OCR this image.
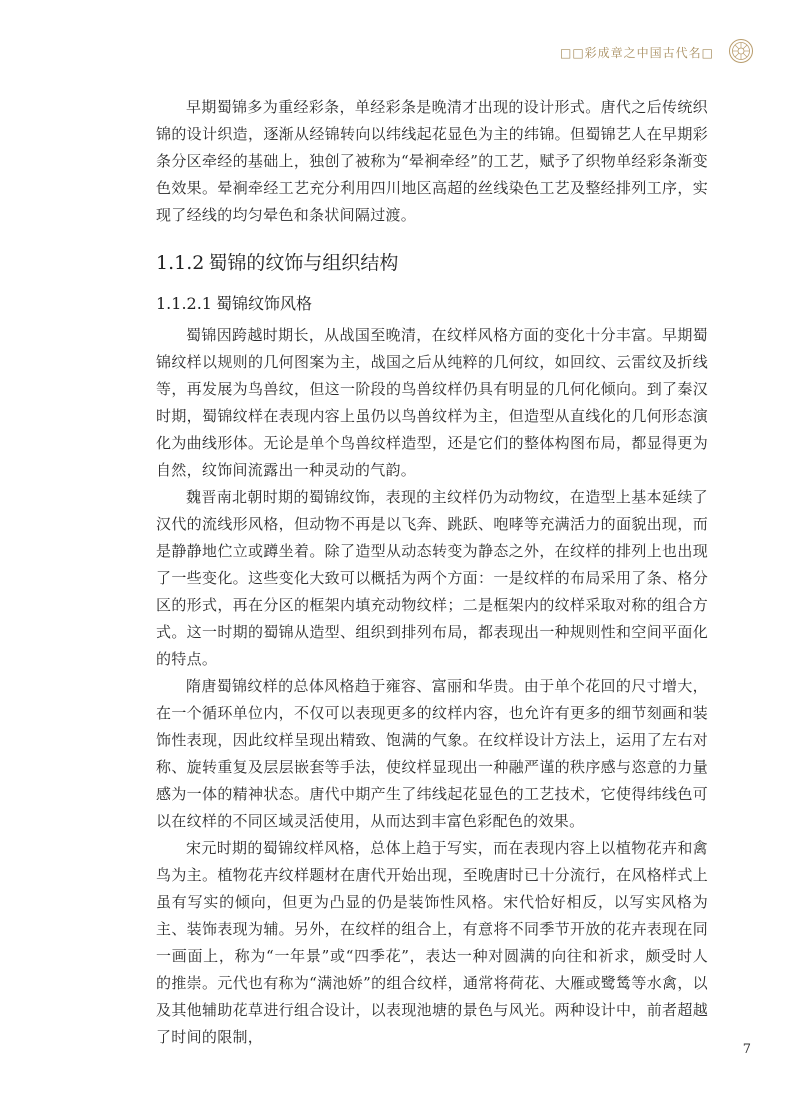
□□彩成章之中国古代名□

早期蜀锦多为重经彩条，单经彩条是晚清才出现的设计形式。唐代之后传统织锦的设计织造，逐渐从经锦转向以纬线起花显色为主的纬锦。但蜀锦艺人在早期彩条分区牵经的基础上，独创了被称为“晕裥牵经”的工艺，赋予了织物单经彩条渐变色效果。晕裥牵经工艺充分利用四川地区高超的丝线染色工艺及整经排列工序，实现了经线的均匀晕色和条状间隔过渡。

1.1.2 蜀锦的纹饰与组织结构
1.1.2.1 蜀锦纹饰风格

蜀锦因跨越时期长，从战国至晚清，在纹样风格方面的变化十分丰富。早期蜀锦纹样以规则的几何图案为主，战国之后从纯粹的几何纹，如回纹、云雷纹及折线等，再发展为鸟兽纹，但这一阶段的鸟兽纹样仍具有明显的几何化倾向。到了秦汉时期，蜀锦纹样在表现内容上虽仍以鸟兽纹样为主，但造型从直线化的几何形态演化为曲线形体。无论是单个鸟兽纹样造型，还是它们的整体构图布局，都显得更为自然，纹饰间流露出一种灵动的气韵。

魏晋南北朝时期的蜀锦纹饰，表现的主纹样仍为动物纹，在造型上基本延续了汉代的流线形风格，但动物不再是以飞奔、跳跃、咆哮等充满活力的面貌出现，而是静静地伫立或蹲坐着。除了造型从动态转变为静态之外，在纹样的排列上也出现了一些变化。这些变化大致可以概括为两个方面：一是纹样的布局采用了条、格分区的形式，再在分区的框架内填充动物纹样；二是框架内的纹样采取对称的组合方式。这一时期的蜀锦从造型、组织到排列布局，都表现出一种规则性和空间平面化的特点。

隋唐蜀锦纹样的总体风格趋于雍容、富丽和华贵。由于单个花回的尺寸增大，在一个循环单位内，不仅可以表现更多的纹样内容，也允许有更多的细节刻画和装饰性表现，因此纹样呈现出精致、饱满的气象。在纹样设计方法上，运用了左右对称、旋转重复及层层嵌套等手法，使纹样显现出一种融严谨的秩序感与恣意的力量感为一体的精神状态。唐代中期产生了纬线起花显色的工艺技术，它使得纬线色可以在纹样的不同区域灵活使用，从而达到丰富色彩配色的效果。

宋元时期的蜀锦纹样风格，总体上趋于写实，而在表现内容上以植物花卉和禽鸟为主。植物花卉纹样题材在唐代开始出现，至晚唐时已十分流行，在风格样式上虽有写实的倾向，但更为凸显的仍是装饰性风格。宋代恰好相反，以写实风格为主、装饰表现为辅。另外，在纹样的组合上，有意将不同季节开放的花卉表现在同一画面上，称为“一年景”或“四季花”，表达一种对圆满的向往和祈求，颇受时人的推崇。元代也有称为“满池娇”的组合纹样，通常将荷花、大雁或鹭鸶等水禽，以及其他辅助花草进行组合设计，以表现池塘的景色与风光。两种设计中，前者超越了时间的限制，

7
